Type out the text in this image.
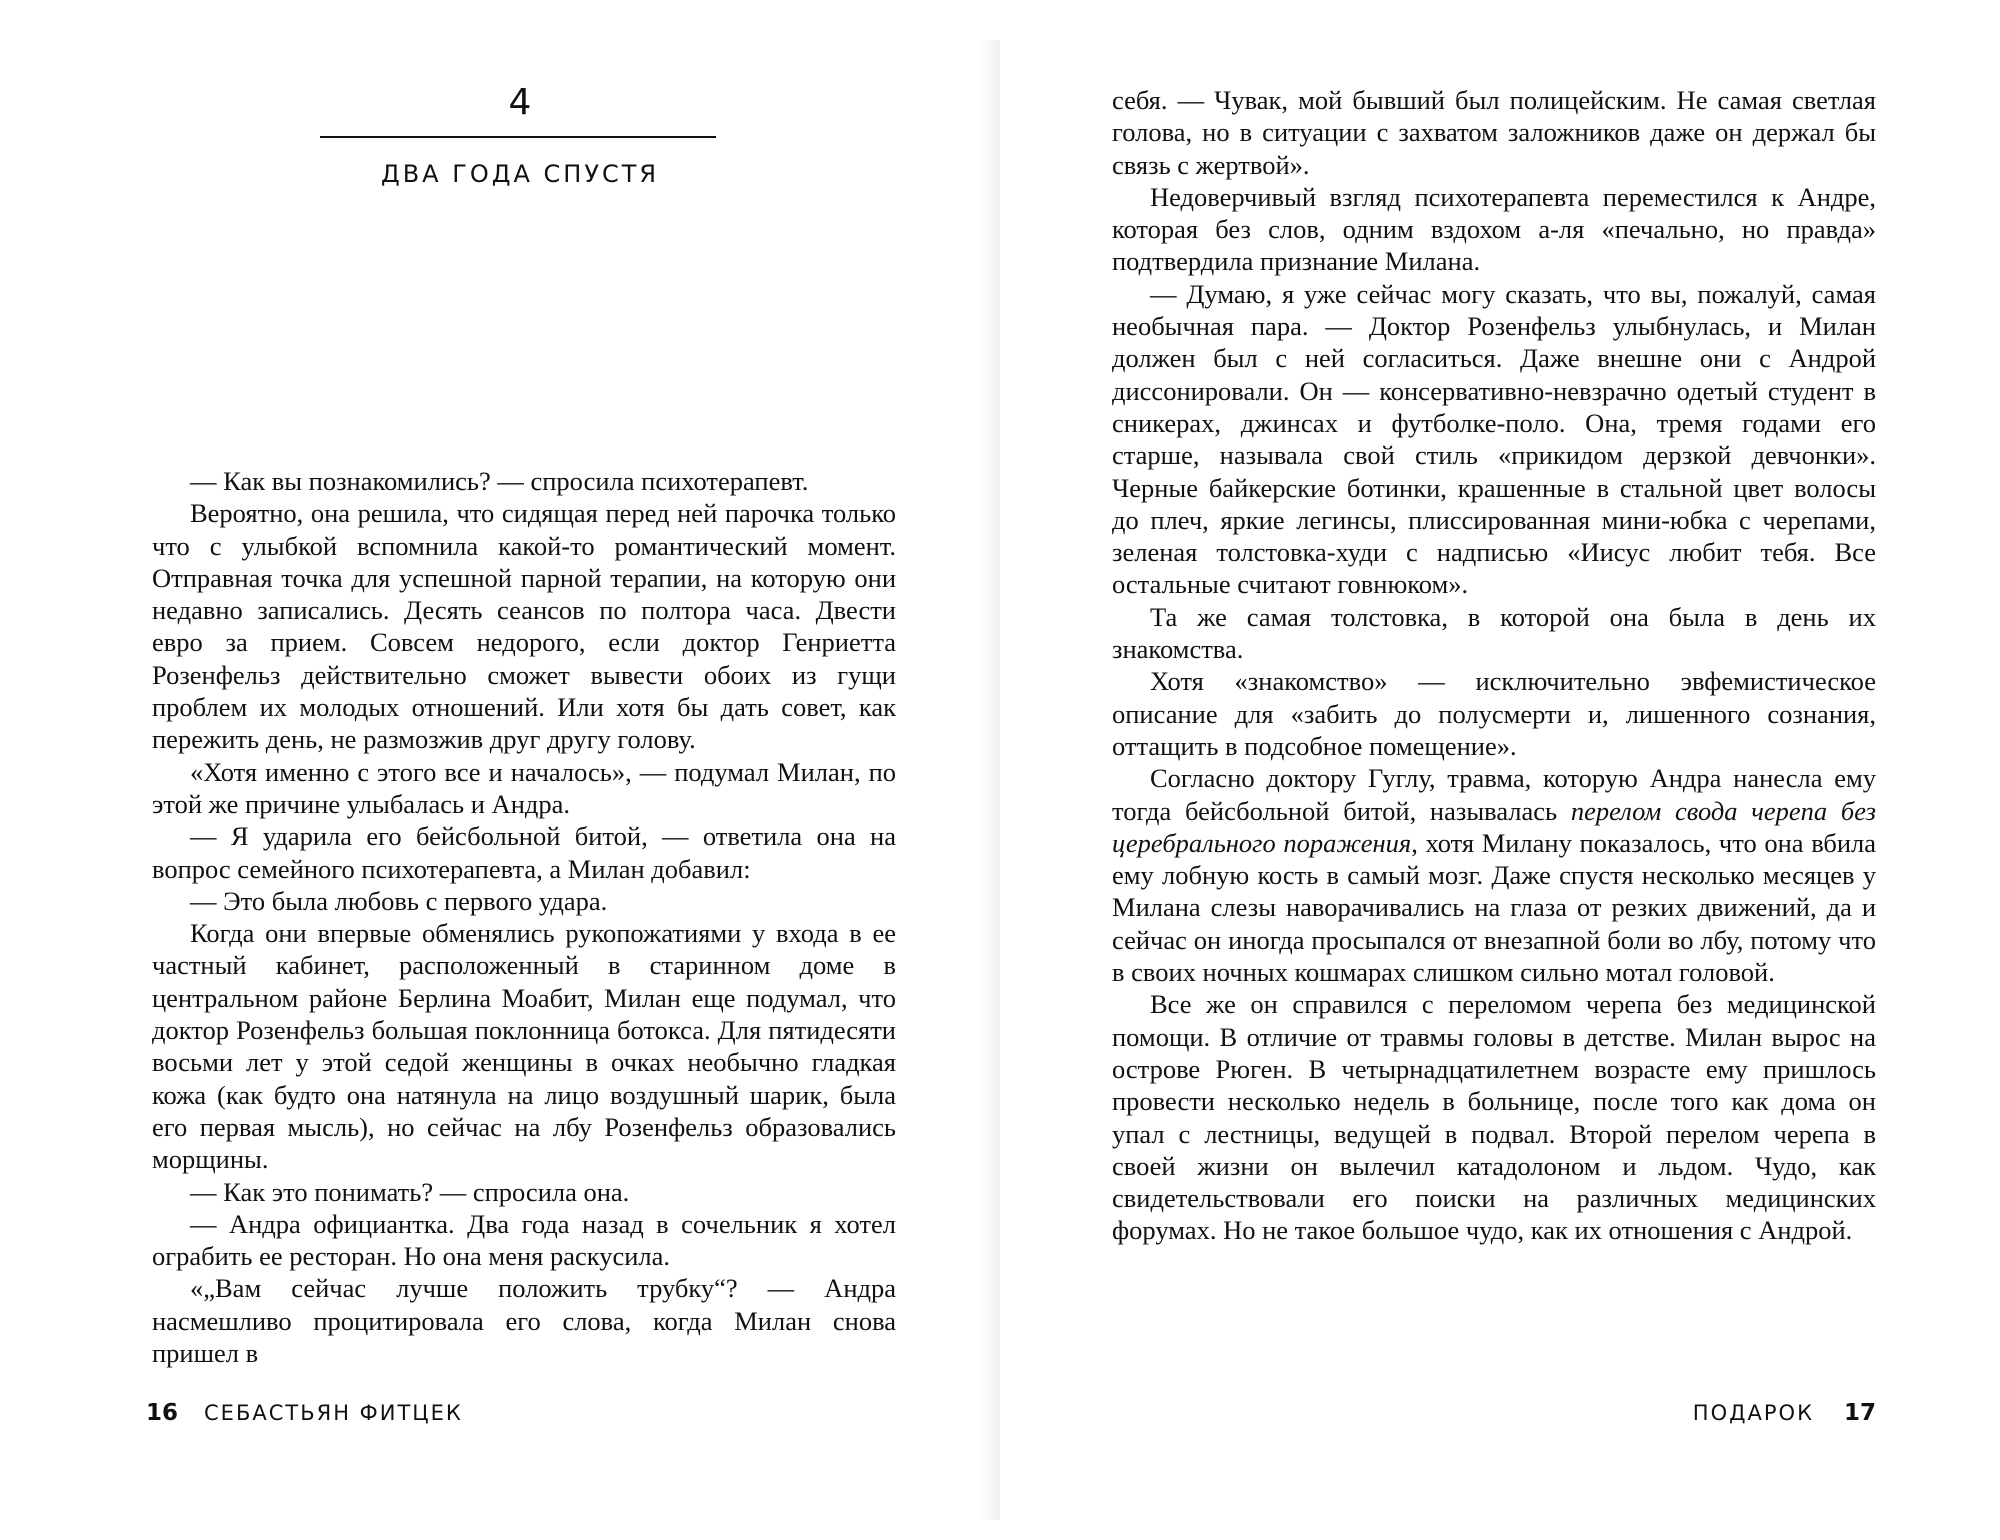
4
ДВА ГОДА СПУСТЯ

— Как вы познакомились? — спросила психотерапевт.

Вероятно, она решила, что сидящая перед ней парочка только что с улыбкой вспомнила какой-то романтический момент. Отправная точка для успешной парной терапии, на которую они недавно записались. Десять сеансов по полтора часа. Двести евро за прием. Совсем недорого, если доктор Генриетта Розенфельз действительно сможет вывести обоих из гущи проблем их молодых отношений. Или хотя бы дать совет, как пережить день, не размозжив друг другу голову.

«Хотя именно с этого все и началось», — подумал Милан, по этой же причине улыбалась и Андра.

— Я ударила его бейсбольной битой, — ответила она на вопрос семейного психотерапевта, а Милан добавил:

— Это была любовь с первого удара.

Когда они впервые обменялись рукопожатиями у входа в ее частный кабинет, расположенный в старинном доме в центральном районе Берлина Моабит, Милан еще подумал, что доктор Розенфельз большая поклонница ботокса. Для пятидесяти восьми лет у этой седой женщины в очках необычно гладкая кожа (как будто она натянула на лицо воздушный шарик, была его первая мысль), но сейчас на лбу Розенфельз образовались морщины.

— Как это понимать? — спросила она.

— Андра официантка. Два года назад в сочельник я хотел ограбить ее ресторан. Но она меня раскусила.

«„Вам сейчас лучше положить трубку“? — Андра насмешливо процитировала его слова, когда Милан снова пришел в

16 СЕБАСТЬЯН ФИТЦЕК

себя. — Чувак, мой бывший был полицейским. Не самая светлая голова, но в ситуации с захватом заложников даже он держал бы связь с жертвой».

Недоверчивый взгляд психотерапевта переместился к Андре, которая без слов, одним вздохом а-ля «печально, но правда» подтвердила признание Милана.

— Думаю, я уже сейчас могу сказать, что вы, пожалуй, самая необычная пара. — Доктор Розенфельз улыбнулась, и Милан должен был с ней согласиться. Даже внешне они с Андрой диссонировали. Он — консервативно-невзрачно одетый студент в сникерах, джинсах и футболке-поло. Она, тремя годами его старше, называла свой стиль «прикидом дерзкой девчонки». Черные байкерские ботинки, крашенные в стальной цвет волосы до плеч, яркие легинсы, плиссированная мини-юбка с черепами, зеленая толстовка-худи с надписью «Иисус любит тебя. Все остальные считают говнюком».

Та же самая толстовка, в которой она была в день их знакомства.

Хотя «знакомство» — исключительно эвфемистическое описание для «забить до полусмерти и, лишенного сознания, оттащить в подсобное помещение».

Согласно доктору Гуглу, травма, которую Андра нанесла ему тогда бейсбольной битой, называлась перелом свода черепа без церебрального поражения, хотя Милану показалось, что она вбила ему лобную кость в самый мозг. Даже спустя несколько месяцев у Милана слезы наворачивались на глаза от резких движений, да и сейчас он иногда просыпался от внезапной боли во лбу, потому что в своих ночных кошмарах слишком сильно мотал головой.

Все же он справился с переломом черепа без медицинской помощи. В отличие от травмы головы в детстве. Милан вырос на острове Рюген. В четырнадцатилетнем возрасте ему пришлось провести несколько недель в больнице, после того как дома он упал с лестницы, ведущей в подвал. Второй перелом черепа в своей жизни он вылечил катадолоном и льдом. Чудо, как свидетельствовали его поиски на различных медицинских форумах. Но не такое большое чудо, как их отношения с Андрой.

ПОДАРОК 17
